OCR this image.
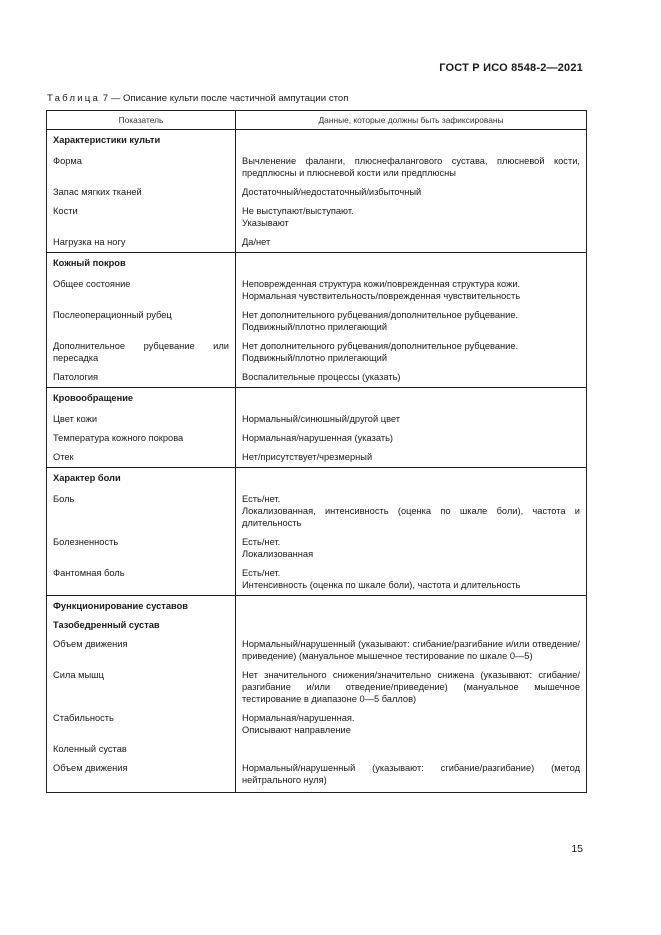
ГОСТ Р ИСО 8548-2—2021
Таблица 7 — Описание культи после частичной ампутации стоп
Показатель	Данные, которые должны быть зафиксированы
Характеристики культи	
Форма	Вычленение фаланги, плюснефалангового сустава, плюсневой кости, предплюсны и плюсневой кости или предплюсны
Запас мягких тканей	Достаточный/недостаточный/избыточный
Кости	Не выступают/выступают.
Указывают

Нагрузка на ногу	Да/нет
Кожный покров	
Общее состояние	Неповрежденная структура кожи/поврежденная структура кожи.
Нормальная чувствительность/поврежденная чувствительность

Послеоперационный рубец	Нет дополнительного рубцевания/дополнительное рубцевание.
Подвижный/плотно прилегающий

Дополнительное рубцевание или пересадка	Нет дополнительного рубцевания/дополнительное рубцевание.
Подвижный/плотно прилегающий

Патология	Воспалительные процессы (указать)
Кровообращение	
Цвет кожи	Нормальный/синюшный/другой цвет
Температура кожного покрова	Нормальная/нарушенная (указать)
Отек	Нет/присутствует/чрезмерный
Характер боли	
Боль	Есть/нет.
Локализованная, интенсивность (оценка по шкале боли), частота и длительность

Болезненность	Есть/нет.
Локализованная

Фантомная боль	Есть/нет.
Интенсивность (оценка по шкале боли), частота и длительность

Функционирование суставов	
Тазобедренный сустав	
Объем движения	Нормальный/нарушенный (указывают: сгибание/разгибание и/или отведение/приведение) (мануальное мышечное тестирование по шкале 0—5)
Сила мышц	Нет значительного снижения/значительно снижена (указывают: сгибание/разгибание и/или отведение/приведение) (мануальное мышечное тестирование в диапазоне 0—5 баллов)
Стабильность	Нормальная/нарушенная.
Описывают направление

Коленный сустав	
Объем движения	Нормальный/нарушенный (указывают: сгибание/разгибание) (метод нейтрального нуля)
15
